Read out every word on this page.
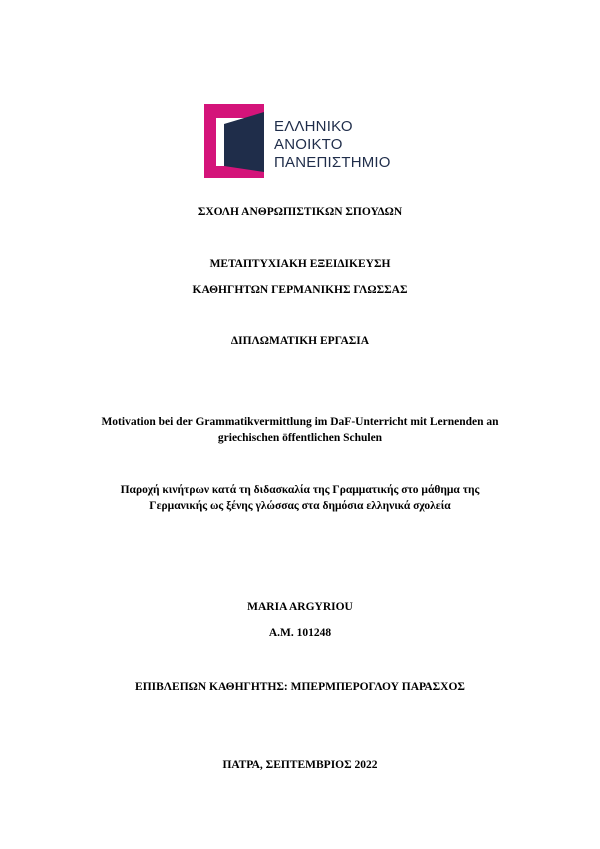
ΕΛΛΗΝΙΚΟ
ΑΝΟΙΚΤΟ
ΠΑΝΕΠΙΣΤΗΜΙΟ
ΣΧΟΛΗ ΑΝΘΡΩΠΙΣΤΙΚΩΝ ΣΠΟΥΔΩΝ
ΜΕΤΑΠΤΥΧΙΑΚΗ ΕΞΕΙΔΙΚΕΥΣΗ
ΚΑΘΗΓΗΤΩΝ ΓΕΡΜΑΝΙΚΗΣ ΓΛΩΣΣΑΣ
ΔΙΠΛΩΜΑΤΙΚΗ ΕΡΓΑΣΙΑ
Motivation bei der Grammatikvermittlung im DaF-Unterricht mit Lernenden an
griechischen öffentlichen Schulen
Παροχή κινήτρων κατά τη διδασκαλία της Γραμματικής στο μάθημα της
Γερμανικής ως ξένης γλώσσας στα δημόσια ελληνικά σχολεία
MARIA ARGYRIOU
Α.Μ. 101248
ΕΠΙΒΛΕΠΩΝ ΚΑΘΗΓΗΤΗΣ: ΜΠΕΡΜΠΕΡΟΓΛΟΥ ΠΑΡΑΣΧΟΣ
ΠΑΤΡΑ, ΣΕΠΤΕΜΒΡΙΟΣ 2022
